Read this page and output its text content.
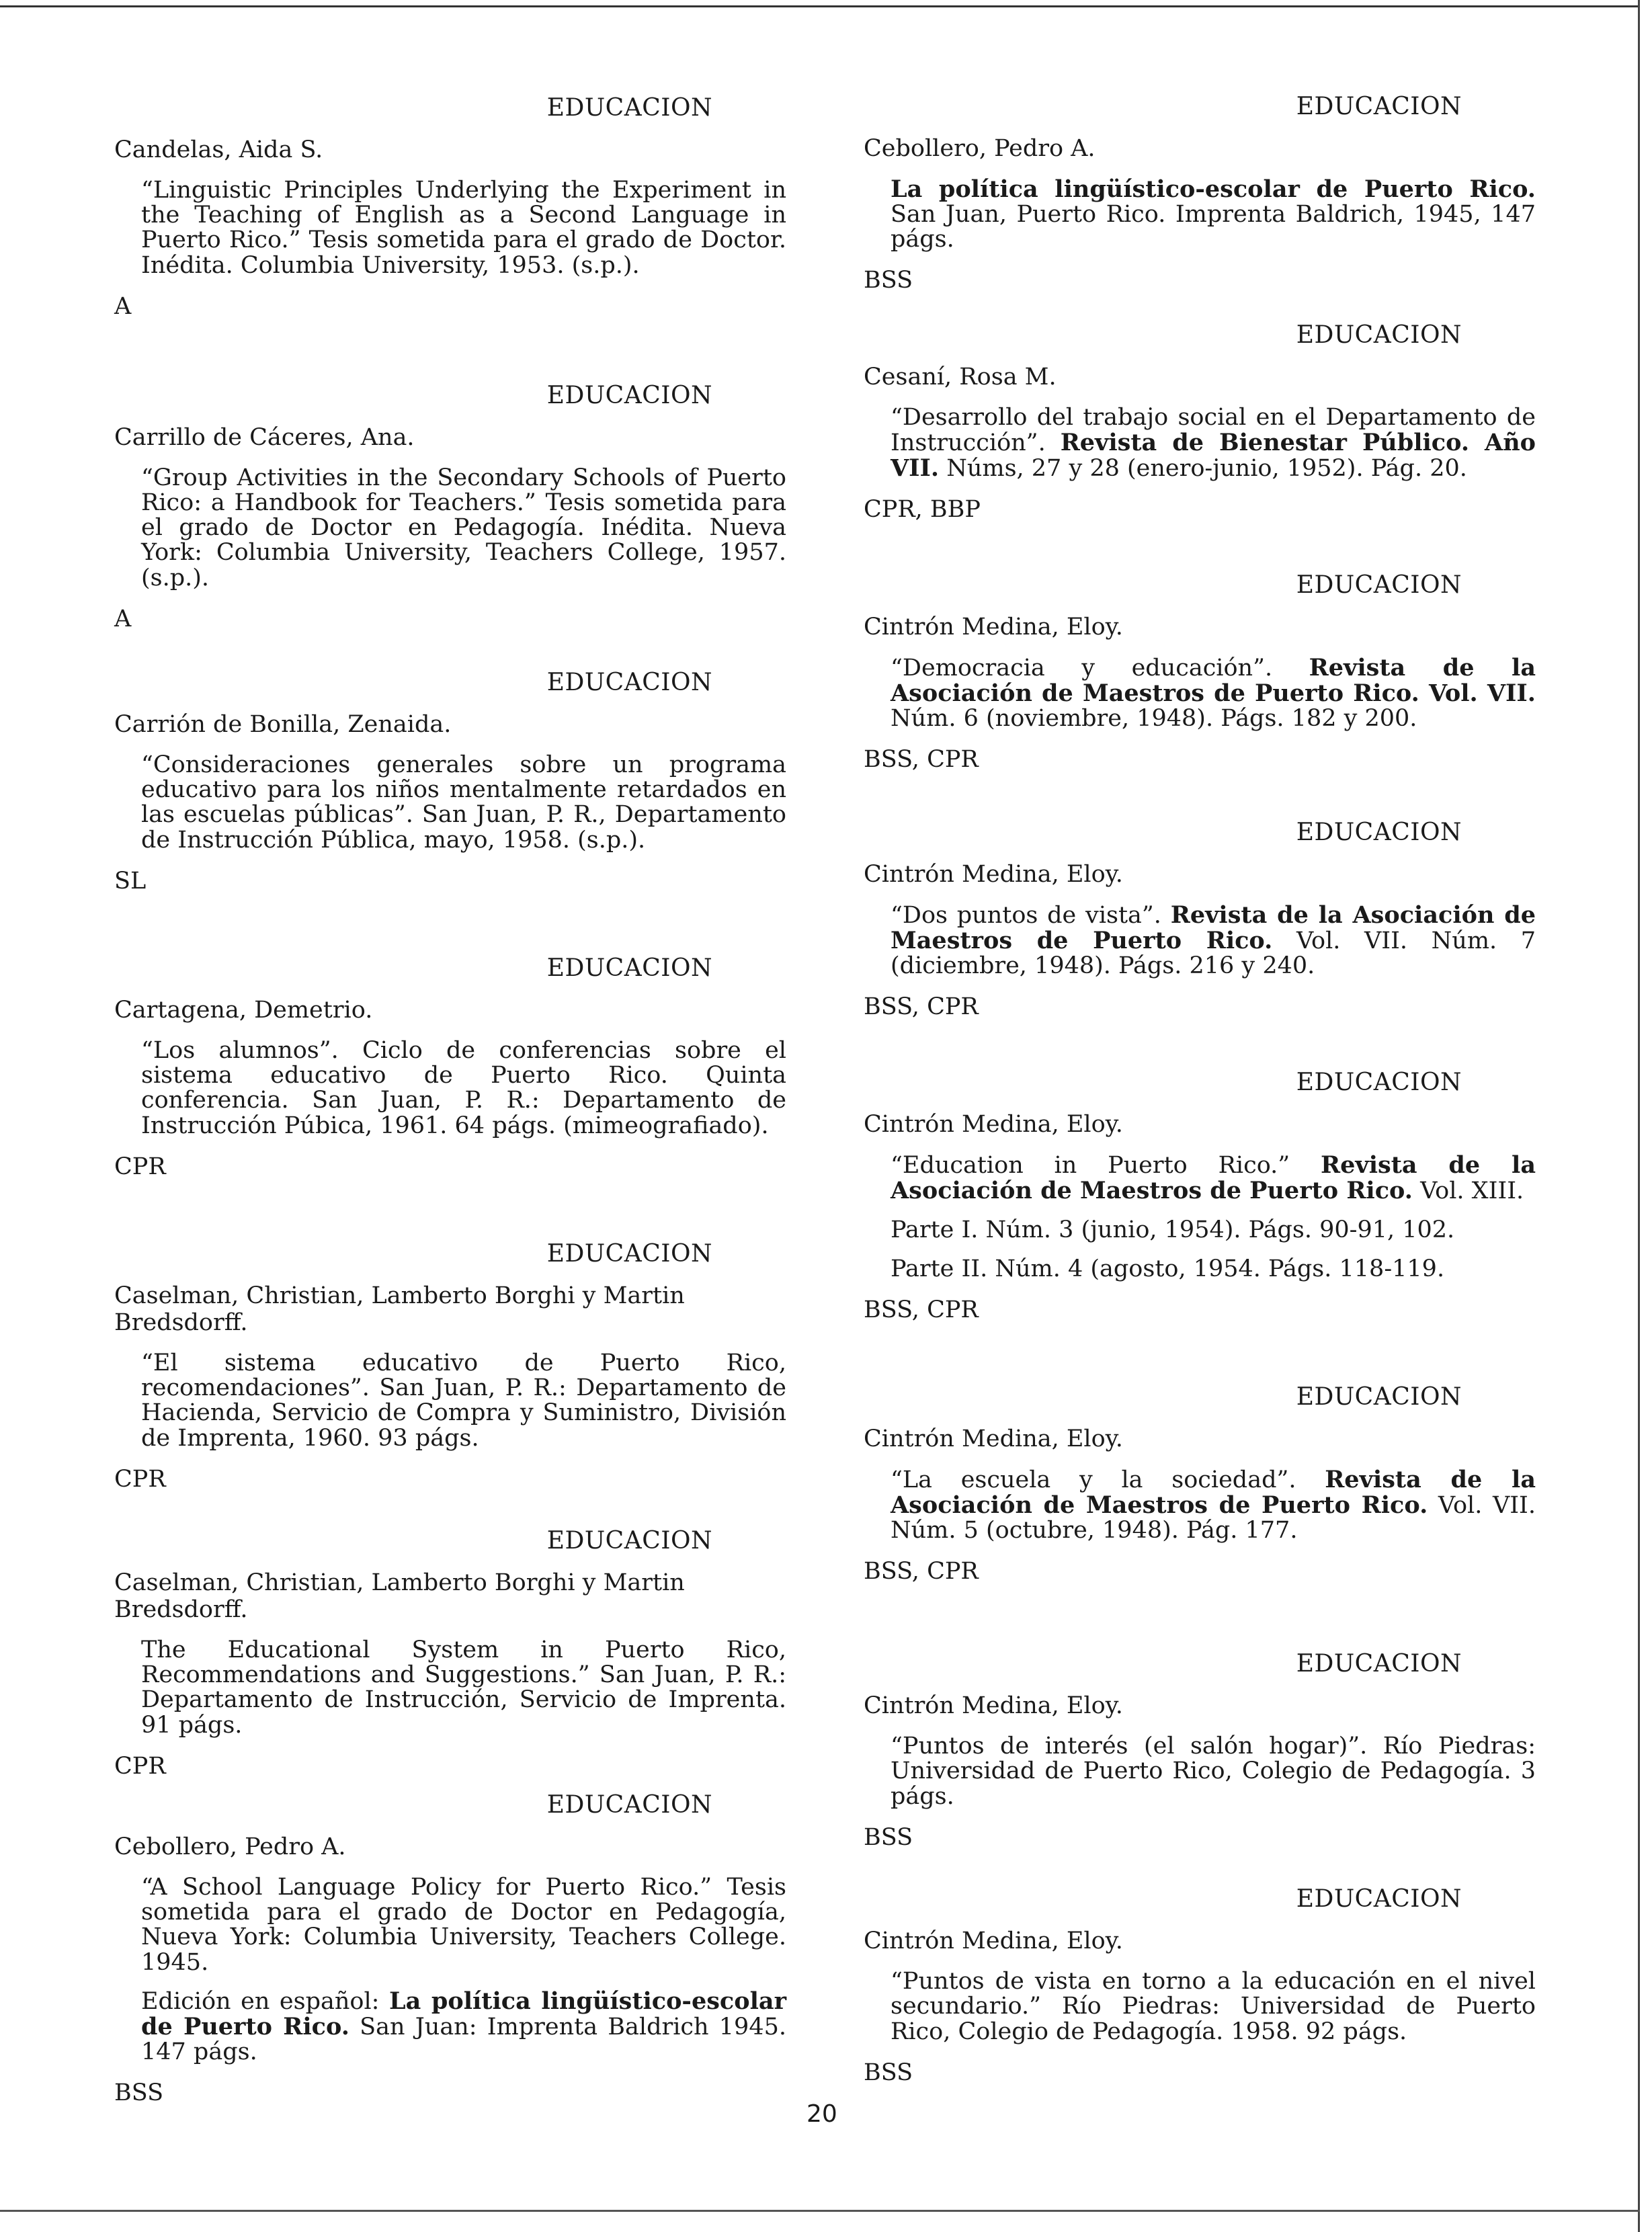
EDUCACION
Candelas, Aida S.

“Linguistic Principles Underlying the Experiment in the Teaching of English as a Second Language in Puerto Rico.” Tesis sometida para el grado de Doctor. Inédita. Columbia University, 1953. (s.p.).

A
EDUCACION
Carrillo de Cáceres, Ana.

“Group Activities in the Secondary Schools of Puerto Rico: a Handbook for Teachers.” Tesis sometida para el grado de Doctor en Pedagogía. Inédita. Nueva York: Columbia University, Teachers College, 1957. (s.p.).

A
EDUCACION
Carrión de Bonilla, Zenaida.

“Consideraciones generales sobre un programa educativo para los niños mentalmente retardados en las escuelas públicas”. San Juan, P. R., Departamento de Instrucción Pública, mayo, 1958. (s.p.).

SL
EDUCACION
Cartagena, Demetrio.

“Los alumnos”. Ciclo de conferencias sobre el sistema educativo de Puerto Rico. Quinta conferencia. San Juan, P. R.: Departamento de Instrucción Púbica, 1961. 64 págs. (mimeografiado).

CPR
EDUCACION
Caselman, Christian, Lamberto Borghi y Martin Bredsdorff.

“El sistema educativo de Puerto Rico, recomendaciones”. San Juan, P. R.: Departamento de Hacienda, Servicio de Compra y Suministro, División de Imprenta, 1960. 93 págs.

CPR
EDUCACION
Caselman, Christian, Lamberto Borghi y Martin Bredsdorff.

The Educational System in Puerto Rico, Recommendations and Suggestions.” San Juan, P. R.: Departamento de Instrucción, Servicio de Imprenta. 91 págs.

CPR
EDUCACION
Cebollero, Pedro A.

“A School Language Policy for Puerto Rico.” Tesis sometida para el grado de Doctor en Pedagogía, Nueva York: Columbia University, Teachers College. 1945.

Edición en español: La política lingüístico-escolar de Puerto Rico. San Juan: Imprenta Baldrich 1945. 147 págs.

BSS
EDUCACION
Cebollero, Pedro A.

La política lingüístico-escolar de Puerto Rico. San Juan, Puerto Rico. Imprenta Baldrich, 1945, 147 págs.

BSS
EDUCACION
Cesaní, Rosa M.

“Desarrollo del trabajo social en el Departamento de Instrucción”. Revista de Bienestar Público. Año VII. Núms, 27 y 28 (enero-junio, 1952). Pág. 20.

CPR, BBP
EDUCACION
Cintrón Medina, Eloy.

“Democracia y educación”. Revista de la Asociación de Maestros de Puerto Rico. Vol. VII. Núm. 6 (noviembre, 1948). Págs. 182 y 200.

BSS, CPR
EDUCACION
Cintrón Medina, Eloy.

“Dos puntos de vista”. Revista de la Asociación de Maestros de Puerto Rico. Vol. VII. Núm. 7 (diciembre, 1948). Págs. 216 y 240.

BSS, CPR
EDUCACION
Cintrón Medina, Eloy.

“Education in Puerto Rico.” Revista de la Asociación de Maestros de Puerto Rico. Vol. XIII.

Parte I. Núm. 3 (junio, 1954). Págs. 90-91, 102.

Parte II. Núm. 4 (agosto, 1954. Págs. 118-119.

BSS, CPR
EDUCACION
Cintrón Medina, Eloy.

“La escuela y la sociedad”. Revista de la Asociación de Maestros de Puerto Rico. Vol. VII. Núm. 5 (octubre, 1948). Pág. 177.

BSS, CPR
EDUCACION
Cintrón Medina, Eloy.

“Puntos de interés (el salón hogar)”. Río Piedras: Universidad de Puerto Rico, Colegio de Pedagogía. 3 págs.

BSS
EDUCACION
Cintrón Medina, Eloy.

“Puntos de vista en torno a la educación en el nivel secundario.” Río Piedras: Universidad de Puerto Rico, Colegio de Pedagogía. 1958. 92 págs.

BSS
20
